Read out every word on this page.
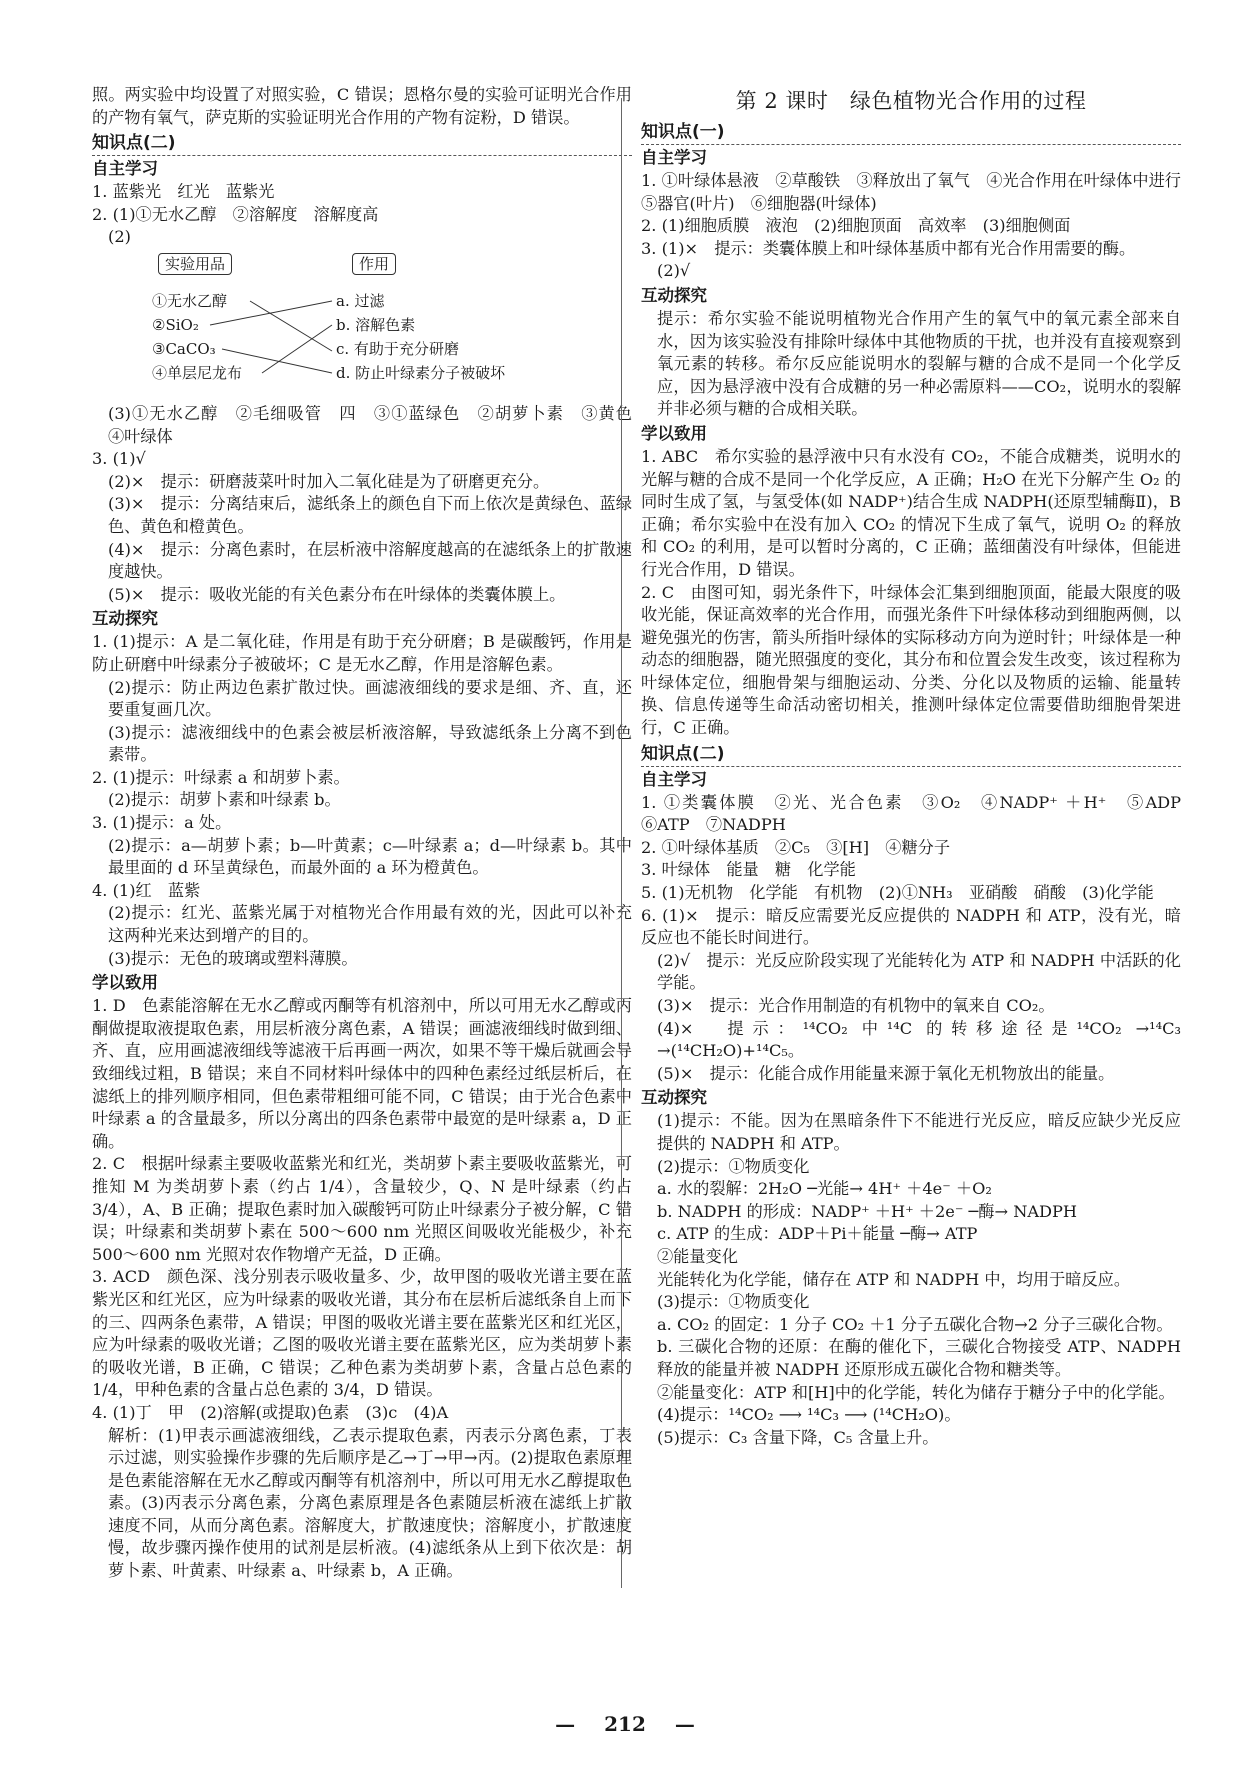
照。两实验中均设置了对照实验，C 错误；恩格尔曼的实验可证明光合作用的产物有氧气，萨克斯的实验证明光合作用的产物有淀粉，D 错误。

知识点(二)

自主学习

1. 蓝紫光　红光　蓝紫光

2. (1)①无水乙醇　②溶解度　溶解度高

(2)

实验用品	作用
①无水乙醇
②SiO₂
③CaCO₃
④单层尼龙布
a. 过滤
b. 溶解色素
c. 有助于充分研磨
d. 防止叶绿素分子被破坏

(3)①无水乙醇　②毛细吸管　四　③①蓝绿色　②胡萝卜素　③黄色　④叶绿体

3. (1)√

(2)×　提示：研磨菠菜叶时加入二氧化硅是为了研磨更充分。

(3)×　提示：分离结束后，滤纸条上的颜色自下而上依次是黄绿色、蓝绿色、黄色和橙黄色。

(4)×　提示：分离色素时，在层析液中溶解度越高的在滤纸条上的扩散速度越快。

(5)×　提示：吸收光能的有关色素分布在叶绿体的类囊体膜上。

互动探究

1. (1)提示：A 是二氧化硅，作用是有助于充分研磨；B 是碳酸钙，作用是防止研磨中叶绿素分子被破坏；C 是无水乙醇，作用是溶解色素。

(2)提示：防止两边色素扩散过快。画滤液细线的要求是细、齐、直，还要重复画几次。

(3)提示：滤液细线中的色素会被层析液溶解，导致滤纸条上分离不到色素带。

2. (1)提示：叶绿素 a 和胡萝卜素。

(2)提示：胡萝卜素和叶绿素 b。

3. (1)提示：a 处。

(2)提示：a—胡萝卜素；b—叶黄素；c—叶绿素 a；d—叶绿素 b。其中最里面的 d 环呈黄绿色，而最外面的 a 环为橙黄色。

4. (1)红　蓝紫

(2)提示：红光、蓝紫光属于对植物光合作用最有效的光，因此可以补充这两种光来达到增产的目的。

(3)提示：无色的玻璃或塑料薄膜。

学以致用

1. D　色素能溶解在无水乙醇或丙酮等有机溶剂中，所以可用无水乙醇或丙酮做提取液提取色素，用层析液分离色素，A 错误；画滤液细线时做到细、齐、直，应用画滤液细线等滤液干后再画一两次，如果不等干燥后就画会导致细线过粗，B 错误；来自不同材料叶绿体中的四种色素经过纸层析后，在滤纸上的排列顺序相同，但色素带粗细可能不同，C 错误；由于光合色素中叶绿素 a 的含量最多，所以分离出的四条色素带中最宽的是叶绿素 a，D 正确。

2. C　根据叶绿素主要吸收蓝紫光和红光，类胡萝卜素主要吸收蓝紫光，可推知 M 为类胡萝卜素（约占 1/4），含量较少，Q、N 是叶绿素（约占 3/4），A、B 正确；提取色素时加入碳酸钙可防止叶绿素分子被分解，C 错误；叶绿素和类胡萝卜素在 500～600 nm 光照区间吸收光能极少，补充 500～600 nm 光照对农作物增产无益，D 正确。

3. ACD　颜色深、浅分别表示吸收量多、少，故甲图的吸收光谱主要在蓝紫光区和红光区，应为叶绿素的吸收光谱，其分布在层析后滤纸条自上而下的三、四两条色素带，A 错误；甲图的吸收光谱主要在蓝紫光区和红光区，应为叶绿素的吸收光谱；乙图的吸收光谱主要在蓝紫光区，应为类胡萝卜素的吸收光谱，B 正确，C 错误；乙种色素为类胡萝卜素，含量占总色素的 1/4，甲种色素的含量占总色素的 3/4，D 错误。

4. (1)丁　甲　(2)溶解(或提取)色素　(3)c　(4)A

解析：(1)甲表示画滤液细线，乙表示提取色素，丙表示分离色素，丁表示过滤，则实验操作步骤的先后顺序是乙→丁→甲→丙。(2)提取色素原理是色素能溶解在无水乙醇或丙酮等有机溶剂中，所以可用无水乙醇提取色素。(3)丙表示分离色素，分离色素原理是各色素随层析液在滤纸上扩散速度不同，从而分离色素。溶解度大，扩散速度快；溶解度小，扩散速度慢，故步骤丙操作使用的试剂是层析液。(4)滤纸条从上到下依次是：胡萝卜素、叶黄素、叶绿素 a、叶绿素 b，A 正确。

第 2 课时　绿色植物光合作用的过程

知识点(一)

自主学习

1. ①叶绿体悬液　②草酸铁　③释放出了氧气　④光合作用在叶绿体中进行　⑤器官(叶片)　⑥细胞器(叶绿体)

2. (1)细胞质膜　液泡　(2)细胞顶面　高效率　(3)细胞侧面

3. (1)×　提示：类囊体膜上和叶绿体基质中都有光合作用需要的酶。

(2)√

互动探究

提示：希尔实验不能说明植物光合作用产生的氧气中的氧元素全部来自水，因为该实验没有排除叶绿体中其他物质的干扰，也并没有直接观察到氧元素的转移。希尔反应能说明水的裂解与糖的合成不是同一个化学反应，因为悬浮液中没有合成糖的另一种必需原料——CO₂，说明水的裂解并非必须与糖的合成相关联。

学以致用

1. ABC　希尔实验的悬浮液中只有水没有 CO₂，不能合成糖类，说明水的光解与糖的合成不是同一个化学反应，A 正确；H₂O 在光下分解产生 O₂ 的同时生成了氢，与氢受体(如 NADP⁺)结合生成 NADPH(还原型辅酶Ⅱ)，B 正确；希尔实验中在没有加入 CO₂ 的情况下生成了氧气，说明 O₂ 的释放和 CO₂ 的利用，是可以暂时分离的，C 正确；蓝细菌没有叶绿体，但能进行光合作用，D 错误。

2. C　由图可知，弱光条件下，叶绿体会汇集到细胞顶面，能最大限度的吸收光能，保证高效率的光合作用，而强光条件下叶绿体移动到细胞两侧，以避免强光的伤害，箭头所指叶绿体的实际移动方向为逆时针；叶绿体是一种动态的细胞器，随光照强度的变化，其分布和位置会发生改变，该过程称为叶绿体定位，细胞骨架与细胞运动、分类、分化以及物质的运输、能量转换、信息传递等生命活动密切相关，推测叶绿体定位需要借助细胞骨架进行，C 正确。

知识点(二)

自主学习

1. ①类囊体膜　②光、光合色素　③O₂　④NADP⁺ ＋H⁺　⑤ADP　⑥ATP　⑦NADPH

2. ①叶绿体基质　②C₅　③[H]　④糖分子

3. 叶绿体　能量　糖　化学能

5. (1)无机物　化学能　有机物　(2)①NH₃　亚硝酸　硝酸　(3)化学能

6. (1)×　提示：暗反应需要光反应提供的 NADPH 和 ATP，没有光，暗反应也不能长时间进行。

(2)√　提示：光反应阶段实现了光能转化为 ATP 和 NADPH 中活跃的化学能。

(3)×　提示：光合作用制造的有机物中的氧来自 CO₂。

(4)×　提示：¹⁴CO₂ 中¹⁴C 的转移途径是¹⁴CO₂ →¹⁴C₃ →(¹⁴CH₂O)+¹⁴C₅。

(5)×　提示：化能合成作用能量来源于氧化无机物放出的能量。

互动探究

(1)提示：不能。因为在黑暗条件下不能进行光反应，暗反应缺少光反应提供的 NADPH 和 ATP。

(2)提示：①物质变化

a. 水的裂解：2H₂O ─光能→ 4H⁺ ＋4e⁻ ＋O₂

b. NADPH 的形成：NADP⁺ ＋H⁺ ＋2e⁻ ─酶→ NADPH

c. ATP 的生成：ADP＋Pi＋能量 ─酶→ ATP

②能量变化

光能转化为化学能，储存在 ATP 和 NADPH 中，均用于暗反应。

(3)提示：①物质变化

a. CO₂ 的固定：1 分子 CO₂ ＋1 分子五碳化合物→2 分子三碳化合物。

b. 三碳化合物的还原：在酶的催化下，三碳化合物接受 ATP、NADPH 释放的能量并被 NADPH 还原形成五碳化合物和糖类等。

②能量变化：ATP 和[H]中的化学能，转化为储存于糖分子中的化学能。

(4)提示：¹⁴CO₂ ⟶ ¹⁴C₃ ⟶ (¹⁴CH₂O)。

(5)提示：C₃ 含量下降，C₅ 含量上升。

— 212 —
